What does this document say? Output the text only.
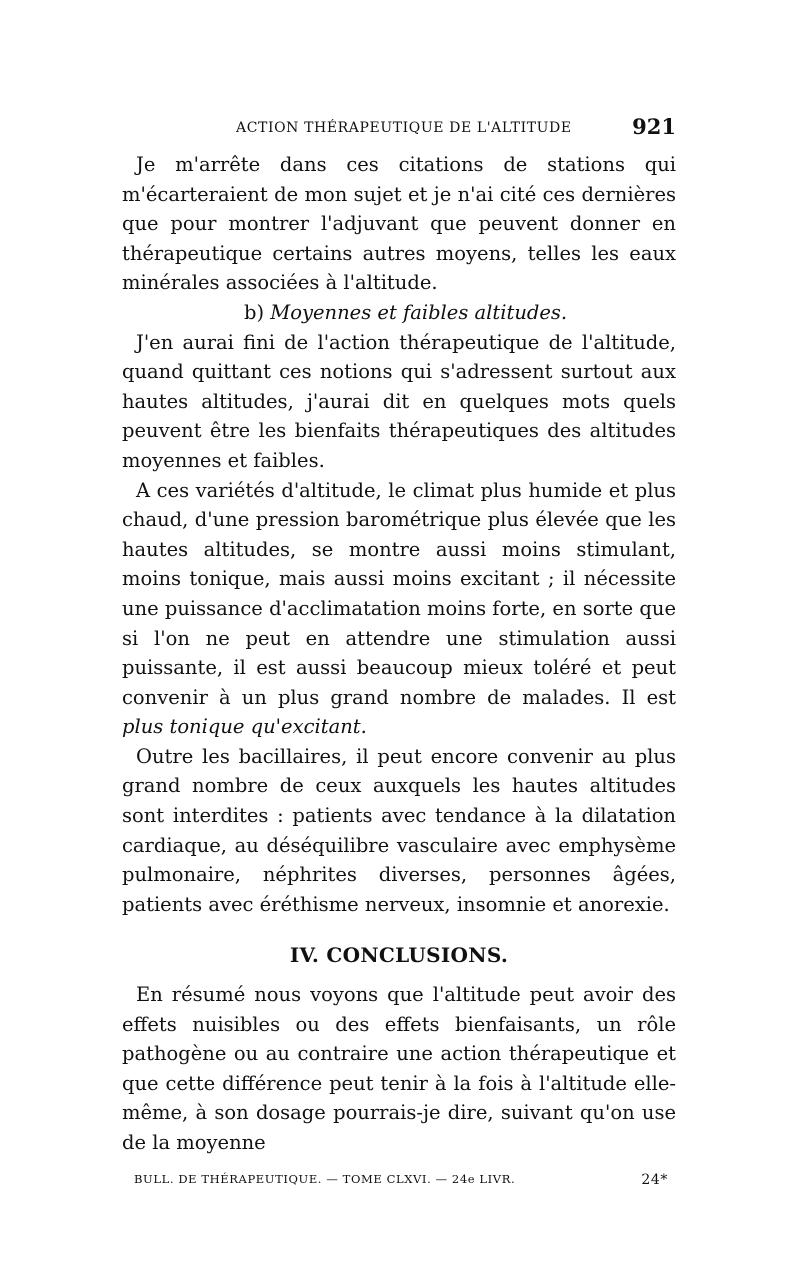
ACTION THÉRAPEUTIQUE DE L'ALTITUDE	921

Je m'arrête dans ces citations de stations qui m'écarteraient de mon sujet et je n'ai cité ces dernières que pour montrer l'adjuvant que peuvent donner en thérapeutique certains autres moyens, telles les eaux minérales associées à l'altitude.

b) Moyennes et faibles altitudes.

J'en aurai fini de l'action thérapeutique de l'altitude, quand quittant ces notions qui s'adressent surtout aux hautes altitudes, j'aurai dit en quelques mots quels peuvent être les bienfaits thérapeutiques des altitudes moyennes et faibles.

A ces variétés d'altitude, le climat plus humide et plus chaud, d'une pression barométrique plus élevée que les hautes altitudes, se montre aussi moins stimulant, moins tonique, mais aussi moins excitant ; il nécessite une puissance d'acclimatation moins forte, en sorte que si l'on ne peut en attendre une stimulation aussi puissante, il est aussi beaucoup mieux toléré et peut convenir à un plus grand nombre de malades. Il est plus tonique qu'excitant.

Outre les bacillaires, il peut encore convenir au plus grand nombre de ceux auxquels les hautes altitudes sont interdites : patients avec tendance à la dilatation cardiaque, au déséquilibre vasculaire avec emphysème pulmonaire, néphrites diverses, personnes âgées, patients avec éréthisme nerveux, insomnie et anorexie.

IV. CONCLUSIONS.

En résumé nous voyons que l'altitude peut avoir des effets nuisibles ou des effets bienfaisants, un rôle pathogène ou au contraire une action thérapeutique et que cette différence peut tenir à la fois à l'altitude elle-même, à son dosage pourrais-je dire, suivant qu'on use de la moyenne

BULL. DE THÉRAPEUTIQUE. — TOME CLXVI. — 24e LIVR.	24*
